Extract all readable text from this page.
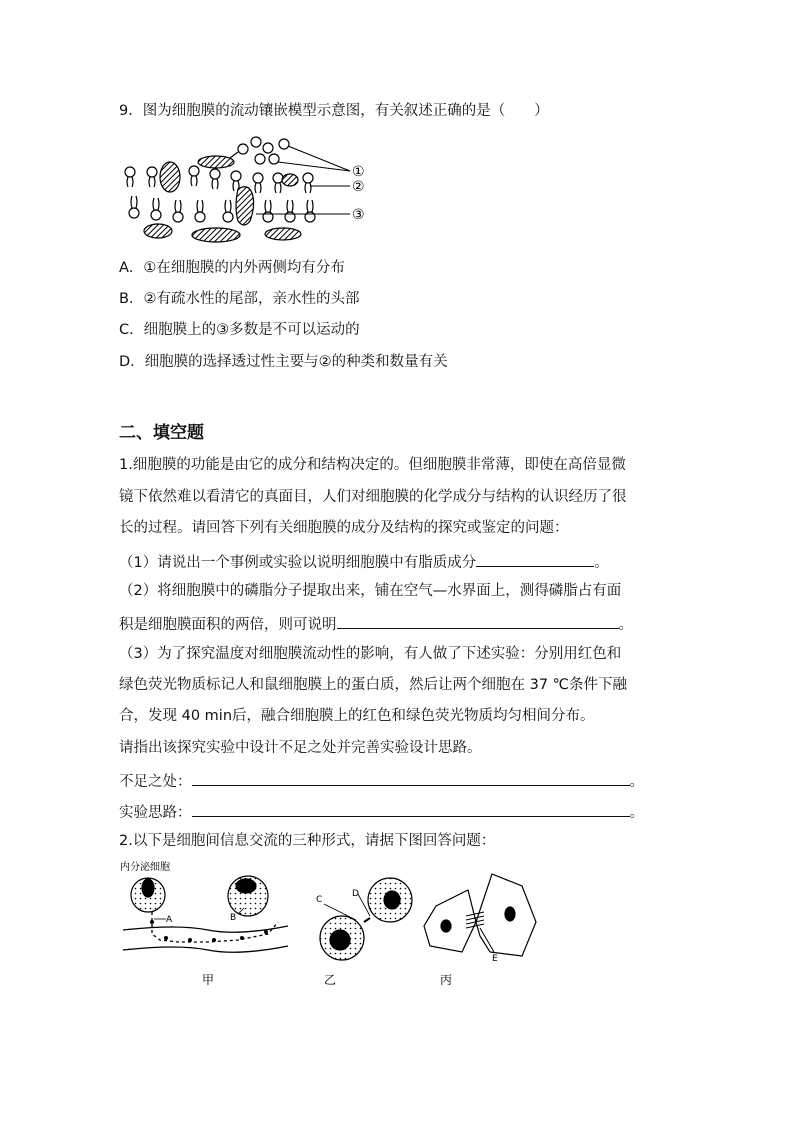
9．图为细胞膜的流动镶嵌模型示意图，有关叙述正确的是（　　）
①
②
③
A．①在细胞膜的内外两侧均有分布
B．②有疏水性的尾部，亲水性的头部
C．细胞膜上的③多数是不可以运动的
D．细胞膜的选择透过性主要与②的种类和数量有关
二、填空题
1.细胞膜的功能是由它的成分和结构决定的。但细胞膜非常薄，即使在高倍显微
镜下依然难以看清它的真面目，人们对细胞膜的化学成分与结构的认识经历了很
长的过程。请回答下列有关细胞膜的成分及结构的探究或鉴定的问题：
（1）请说出一个事例或实验以说明细胞膜中有脂质成分	。
（2）将细胞膜中的磷脂分子提取出来，铺在空气—水界面上，测得磷脂占有面
积是细胞膜面积的两倍，则可说明	。
（3）为了探究温度对细胞膜流动性的影响，有人做了下述实验：分别用红色和
绿色荧光物质标记人和鼠细胞膜上的蛋白质，然后让两个细胞在 37 ℃条件下融
合，发现 40 min后，融合细胞膜上的红色和绿色荧光物质均匀相间分布。
请指出该探究实验中设计不足之处并完善实验设计思路。
不足之处：	。
实验思路：	。
2.以下是细胞间信息交流的三种形式，请据下图回答问题：
内分泌细胞
A	B
C
D
E
甲	乙	丙
